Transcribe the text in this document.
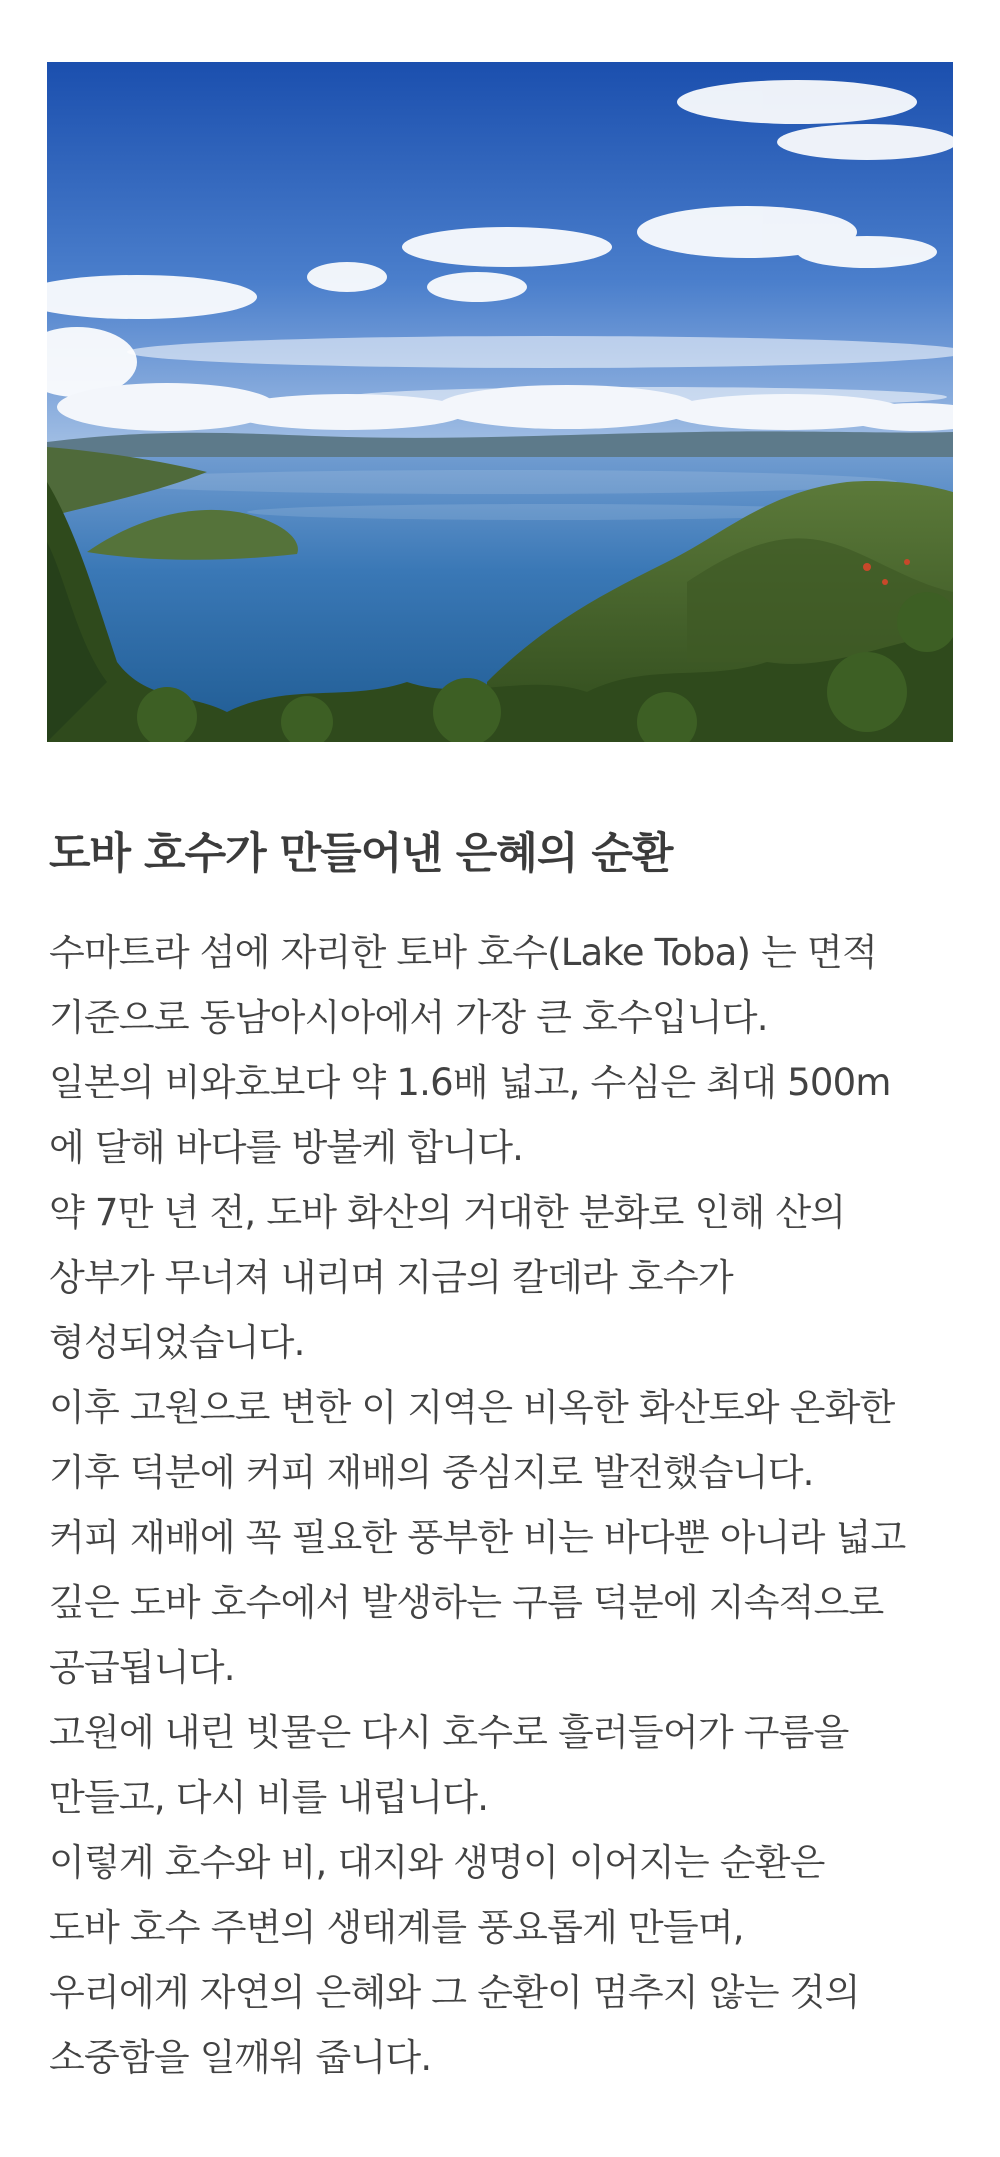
도바 호수가 만들어낸 은혜의 순환
수마트라 섬에 자리한 토바 호수(Lake Toba) 는 면적
기준으로 동남아시아에서 가장 큰 호수입니다.
일본의 비와호보다 약 1.6배 넓고, 수심은 최대 500m
에 달해 바다를 방불케 합니다.
약 7만 년 전, 도바 화산의 거대한 분화로 인해 산의
상부가 무너져 내리며 지금의 칼데라 호수가
형성되었습니다.
이후 고원으로 변한 이 지역은 비옥한 화산토와 온화한
기후 덕분에 커피 재배의 중심지로 발전했습니다.
커피 재배에 꼭 필요한 풍부한 비는 바다뿐 아니라 넓고
깊은 도바 호수에서 발생하는 구름 덕분에 지속적으로
공급됩니다.
고원에 내린 빗물은 다시 호수로 흘러들어가 구름을
만들고, 다시 비를 내립니다.
이렇게 호수와 비, 대지와 생명이 이어지는 순환은
도바 호수 주변의 생태계를 풍요롭게 만들며,
우리에게 자연의 은혜와 그 순환이 멈추지 않는 것의
소중함을 일깨워 줍니다.
